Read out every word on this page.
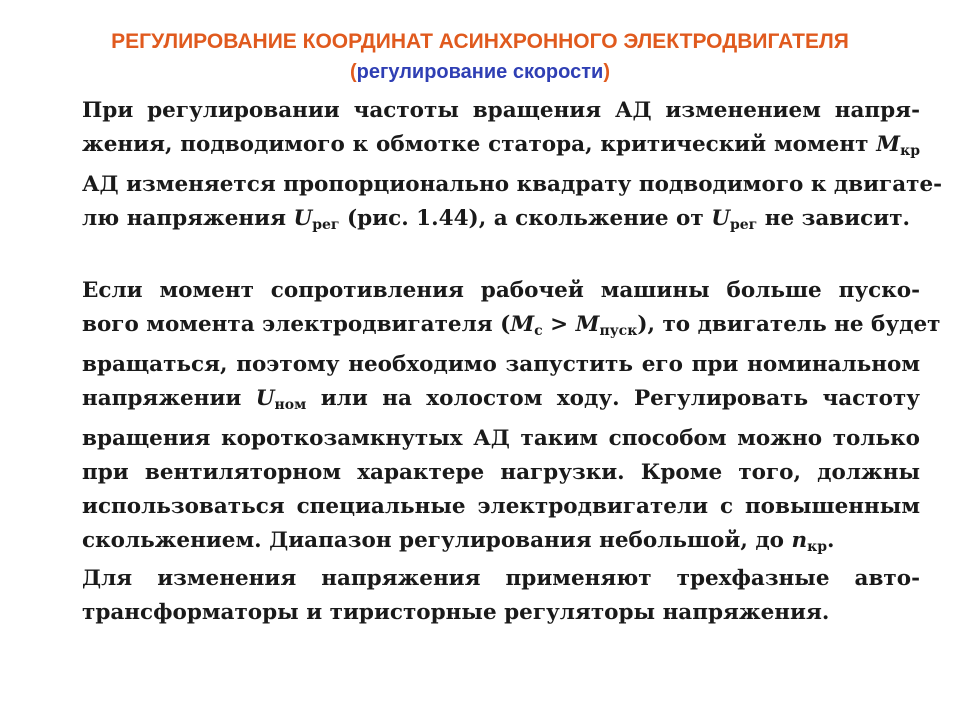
РЕГУЛИРОВАНИЕ КООРДИНАТ АСИНХРОННОГО ЭЛЕКТРОДВИГАТЕЛЯ
(регулирование скорости)

При регулировании частоты вращения АД изменением напря-
жения, подводимого к обмотке статора, критический момент $M_{кр}$
АД изменяется пропорционально квадрату подводимого к двигате-
лю напряжения $U_{рег}$ (рис. 1.44), а скольжение от $U_{рег}$ не зависит.

Если момент сопротивления рабочей машины больше пуско-
вого момента электродвигателя $(M_с > M_{пуск})$, то двигатель не будет
вращаться, поэтому необходимо запустить его при номинальном
напряжении $U_{ном}$ или на холостом ходу. Регулировать частоту
вращения короткозамкнутых АД таким способом можно только
при вентиляторном характере нагрузки. Кроме того, должны
использоваться специальные электродвигатели с повышенным
скольжением. Диапазон регулирования небольшой, до $n_{кр}$.

Для изменения напряжения применяют трехфазные авто-
трансформаторы и тиристорные регуляторы напряжения.
